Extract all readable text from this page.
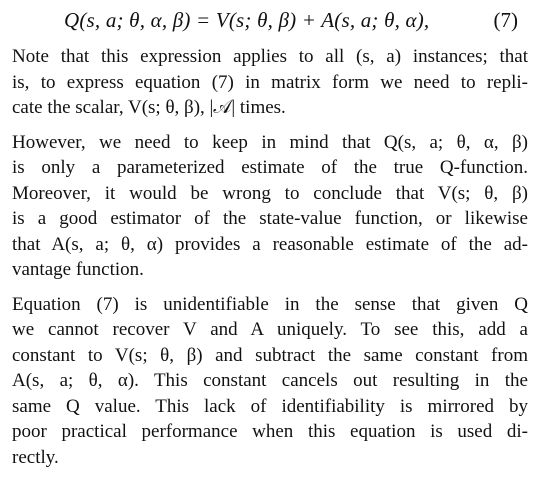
Q(s, a; θ, α, β) = V(s; θ, β) + A(s, a; θ, α),	(7)

Note that this expression applies to all (s, a) instances; that
is, to express equation (7) in matrix form we need to repli-
cate the scalar, V(s; θ, β), |𝒜| times.

However, we need to keep in mind that Q(s, a; θ, α, β)
is only a parameterized estimate of the true Q-function.
Moreover, it would be wrong to conclude that V(s; θ, β)
is a good estimator of the state-value function, or likewise
that A(s, a; θ, α) provides a reasonable estimate of the ad-
vantage function.

Equation (7) is unidentifiable in the sense that given Q
we cannot recover V and A uniquely. To see this, add a
constant to V(s; θ, β) and subtract the same constant from
A(s, a; θ, α). This constant cancels out resulting in the
same Q value. This lack of identifiability is mirrored by
poor practical performance when this equation is used di-
rectly.
